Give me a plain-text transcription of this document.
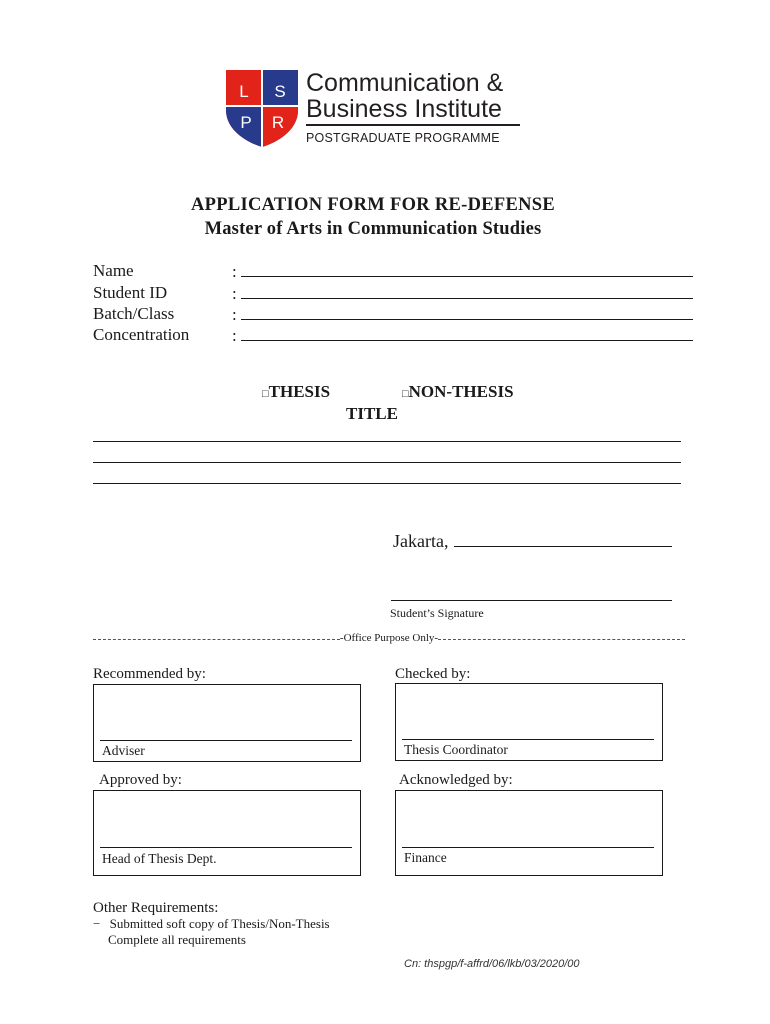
L S
P R
Communication &
Business Institute
POSTGRADUATE PROGRAMME
APPLICATION FORM FOR RE-DEFENSE
Master of Arts in Communication Studies
Name	:
Student ID	:
Batch/Class	:
Concentration	:
□THESIS	□NON-THESIS
TITLE
Jakarta,
Student’s Signature
-Office Purpose Only-
Recommended by:
Adviser
Checked by:
Thesis Coordinator
Approved by:
Head of Thesis Dept.
Acknowledged by:
Finance
Other Requirements:
− Submitted soft copy of Thesis/Non-Thesis
Complete all requirements
Cn: thspgp/f-affrd/06/lkb/03/2020/00
